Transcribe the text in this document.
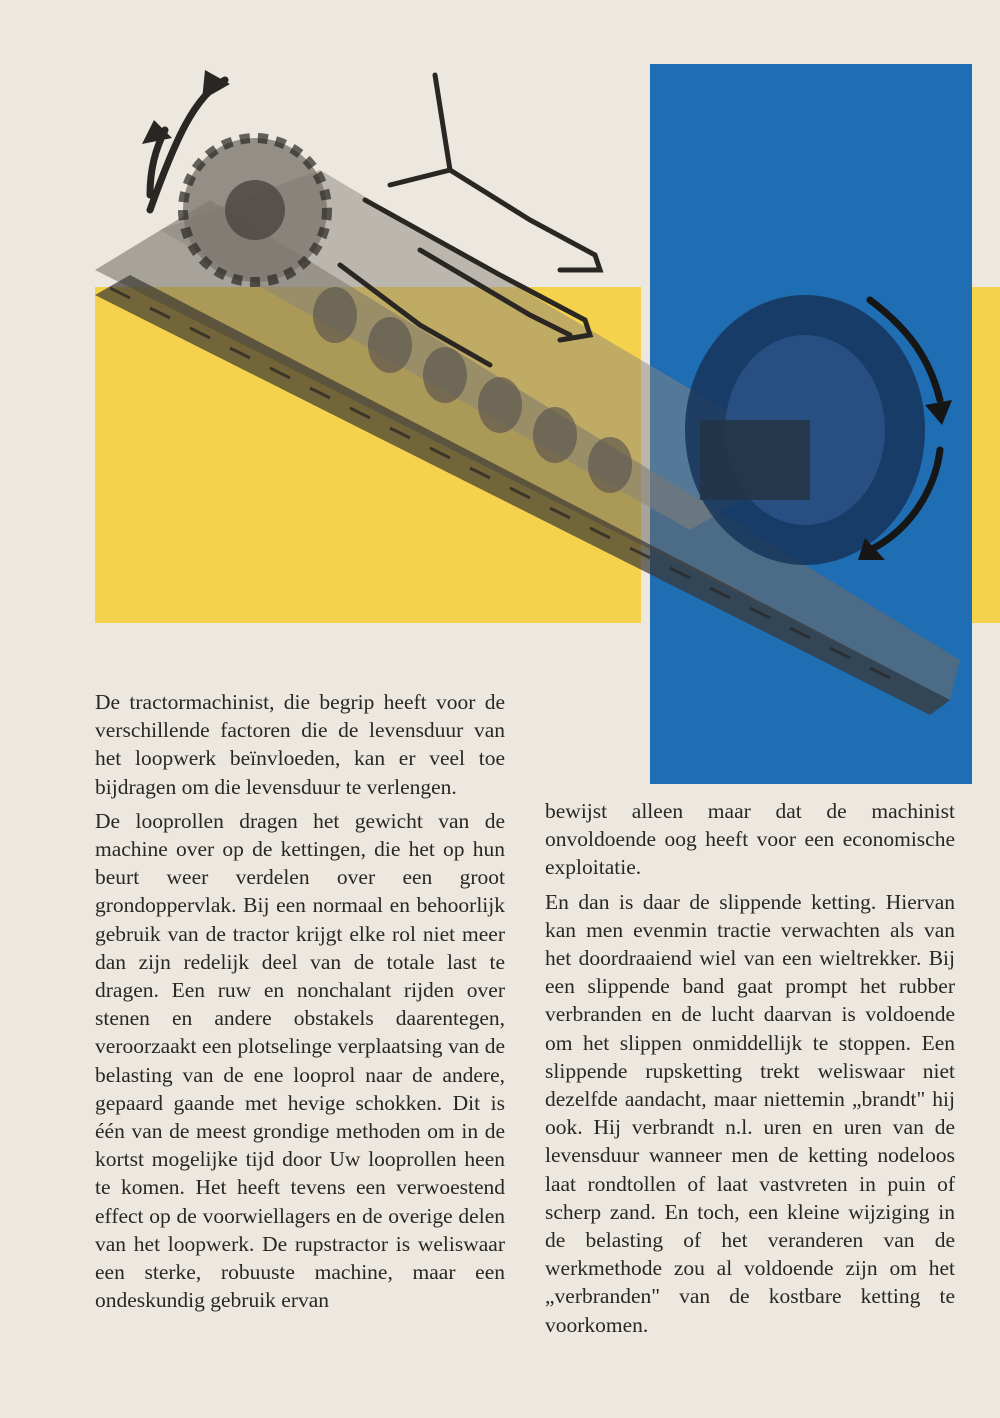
De tractormachinist, die begrip heeft voor de verschillende factoren die de levensduur van het loopwerk beïnvloeden, kan er veel toe bijdragen om die levensduur te verlengen.

De looprollen dragen het gewicht van de machine over op de kettingen, die het op hun beurt weer verdelen over een groot grondoppervlak. Bij een normaal en behoorlijk gebruik van de tractor krijgt elke rol niet meer dan zijn redelijk deel van de totale last te dragen. Een ruw en nonchalant rijden over stenen en andere obstakels daarentegen, veroorzaakt een plotselinge verplaatsing van de belasting van de ene looprol naar de andere, gepaard gaande met hevige schokken. Dit is één van de meest grondige methoden om in de kortst mogelijke tijd door Uw looprollen heen te komen. Het heeft tevens een verwoestend effect op de voorwiellagers en de overige delen van het loopwerk. De rupstractor is weliswaar een sterke, robuuste machine, maar een ondeskundig gebruik ervan

bewijst alleen maar dat de machinist onvoldoende oog heeft voor een economische exploitatie.

En dan is daar de slippende ketting. Hiervan kan men evenmin tractie verwachten als van het doordraaiend wiel van een wieltrekker. Bij een slippende band gaat prompt het rubber verbranden en de lucht daarvan is voldoende om het slippen onmiddellijk te stoppen. Een slippende rupsketting trekt weliswaar niet dezelfde aandacht, maar niettemin „brandt" hij ook. Hij verbrandt n.l. uren en uren van de levensduur wanneer men de ketting nodeloos laat rondtollen of laat vastvreten in puin of scherp zand. En toch, een kleine wijziging in de belasting of het veranderen van de werkmethode zou al voldoende zijn om het „verbranden" van de kostbare ketting te voorkomen.
